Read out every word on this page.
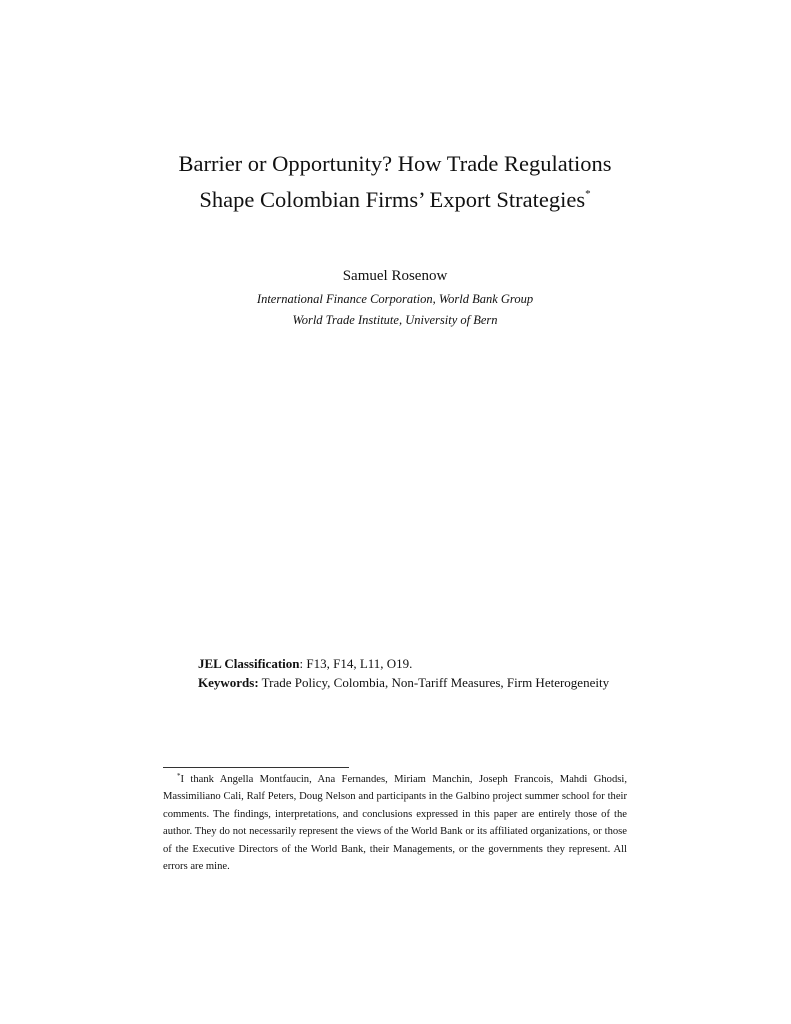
Barrier or Opportunity? How Trade Regulations Shape Colombian Firms’ Export Strategies*
Samuel Rosenow
International Finance Corporation, World Bank Group
World Trade Institute, University of Bern
JEL Classification: F13, F14, L11, O19.
Keywords: Trade Policy, Colombia, Non-Tariff Measures, Firm Heterogeneity
*I thank Angella Montfaucin, Ana Fernandes, Miriam Manchin, Joseph Francois, Mahdi Ghodsi, Massimiliano Cali, Ralf Peters, Doug Nelson and participants in the Galbino project summer school for their comments. The findings, interpretations, and conclusions expressed in this paper are entirely those of the author. They do not necessarily represent the views of the World Bank or its affiliated organizations, or those of the Executive Directors of the World Bank, their Managements, or the governments they represent. All errors are mine.
